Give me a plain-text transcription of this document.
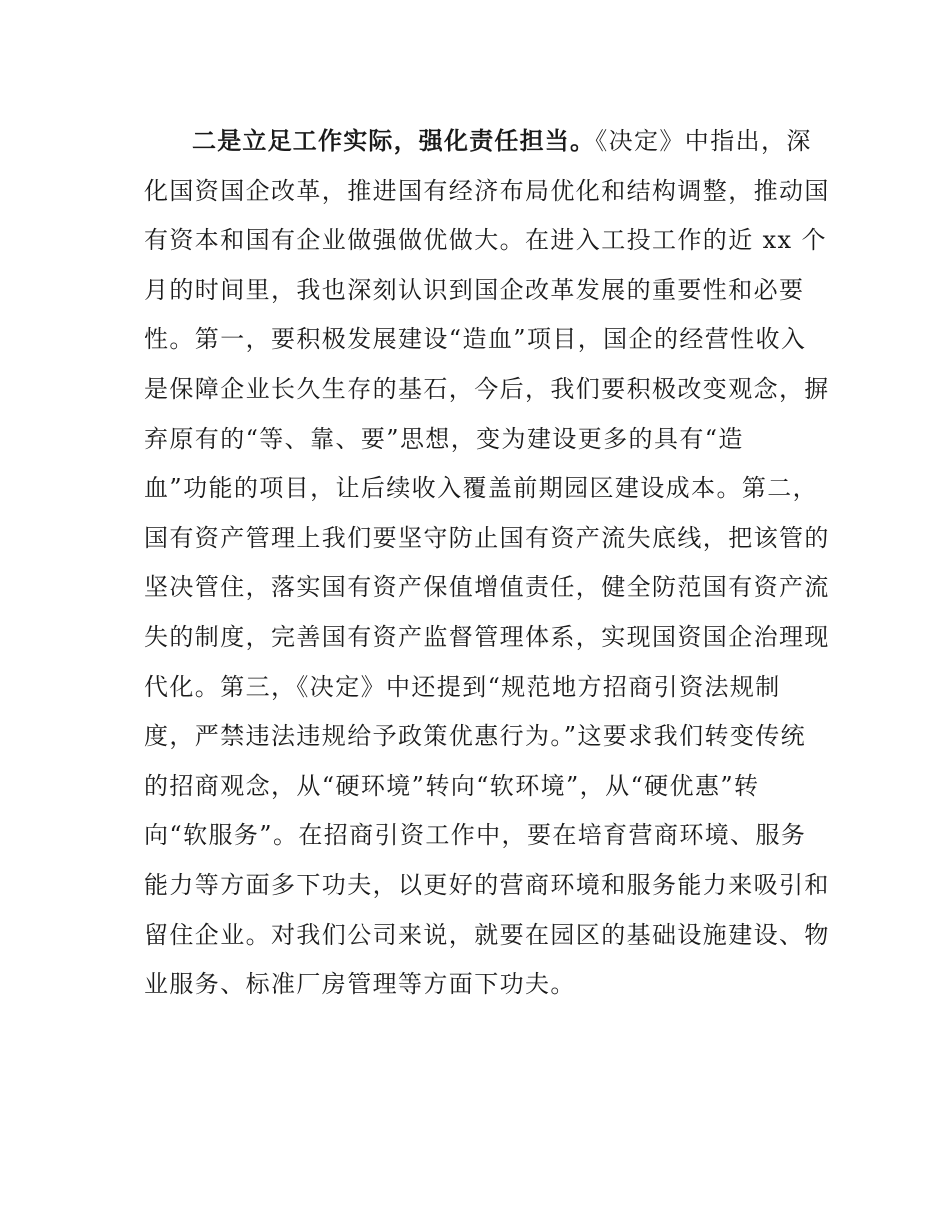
二是立足工作实际，强化责任担当。《决定》中指出，深
化国资国企改革，推进国有经济布局优化和结构调整，推动国
有资本和国有企业做强做优做大。在进入工投工作的近 xx 个
月的时间里，我也深刻认识到国企改革发展的重要性和必要
性。第一，要积极发展建设“造血”项目，国企的经营性收入
是保障企业长久生存的基石，今后，我们要积极改变观念，摒
弃原有的“等、靠、要”思想，变为建设更多的具有“造
血”功能的项目，让后续收入覆盖前期园区建设成本。第二，
国有资产管理上我们要坚守防止国有资产流失底线，把该管的
坚决管住，落实国有资产保值增值责任，健全防范国有资产流
失的制度，完善国有资产监督管理体系，实现国资国企治理现
代化。第三，《决定》中还提到“规范地方招商引资法规制
度，严禁违法违规给予政策优惠行为。”这要求我们转变传统
的招商观念，从“硬环境”转向“软环境”，从“硬优惠”转
向“软服务”。在招商引资工作中，要在培育营商环境、服务
能力等方面多下功夫，以更好的营商环境和服务能力来吸引和
留住企业。对我们公司来说，就要在园区的基础设施建设、物
业服务、标准厂房管理等方面下功夫。
